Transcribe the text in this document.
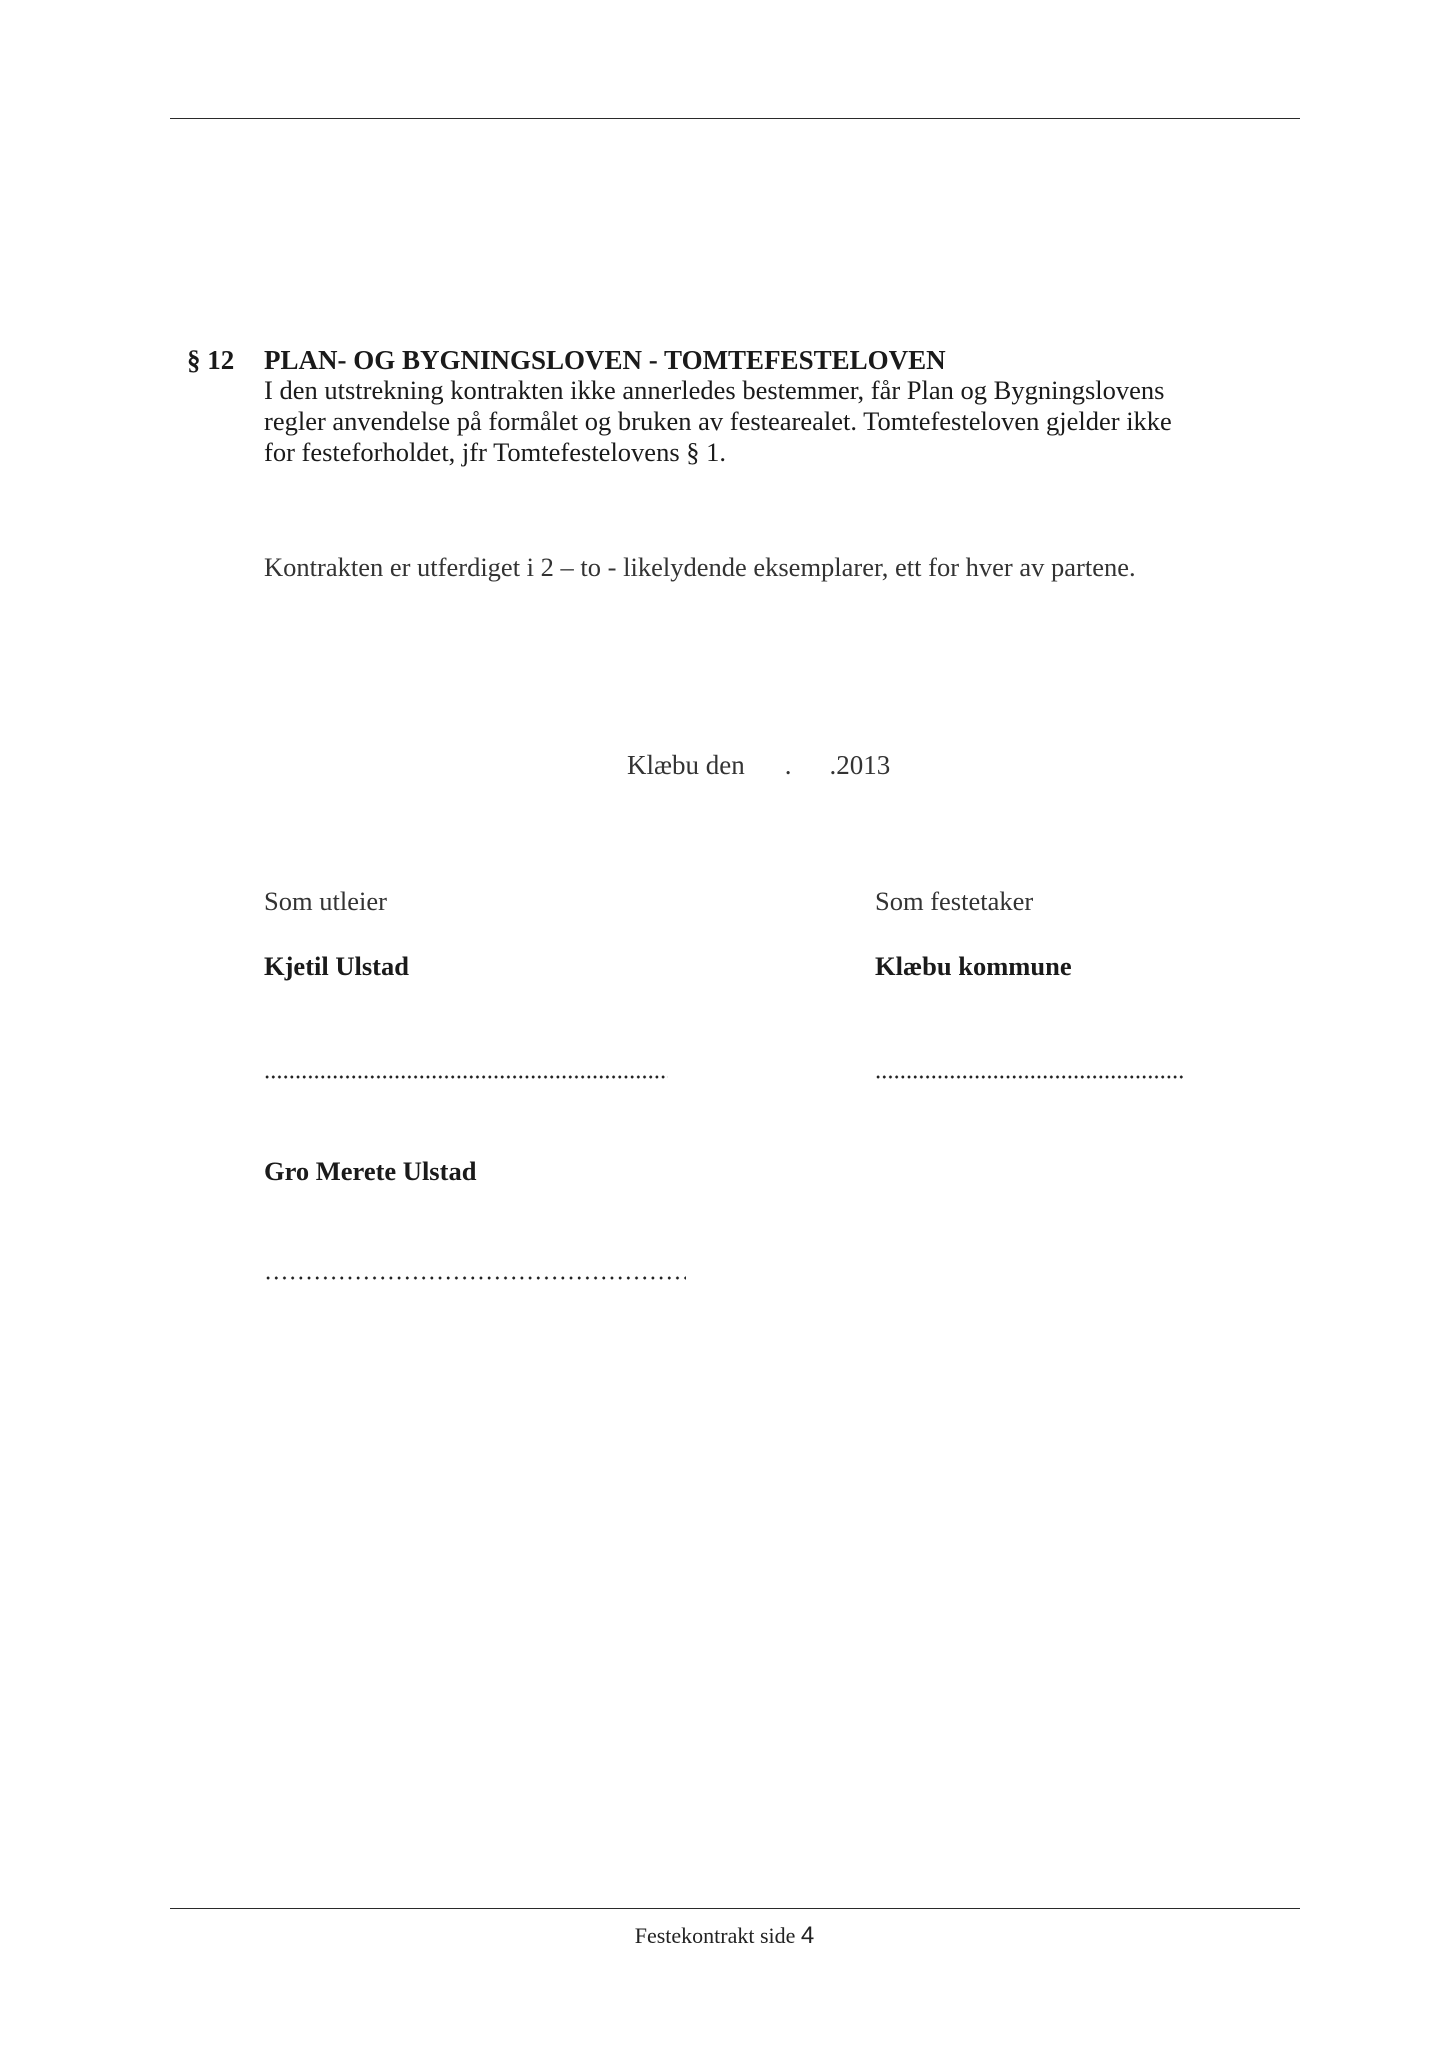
§ 12 PLAN- OG BYGNINGSLOVEN - TOMTEFESTELOVEN

I den utstrekning kontrakten ikke annerledes bestemmer, får Plan og Bygningslovens
regler anvendelse på formålet og bruken av festearealet. Tomtefesteloven gjelder ikke
for festeforholdet, jfr Tomtefestelovens § 1.

Kontrakten er utferdiget i 2 – to - likelydende eksemplarer, ett for hver av partene.
Klæbu den . .2013
Som utleier
Kjetil Ulstad
Som festetaker
Klæbu kommune
Gro Merete Ulstad
Festekontrakt side 4
